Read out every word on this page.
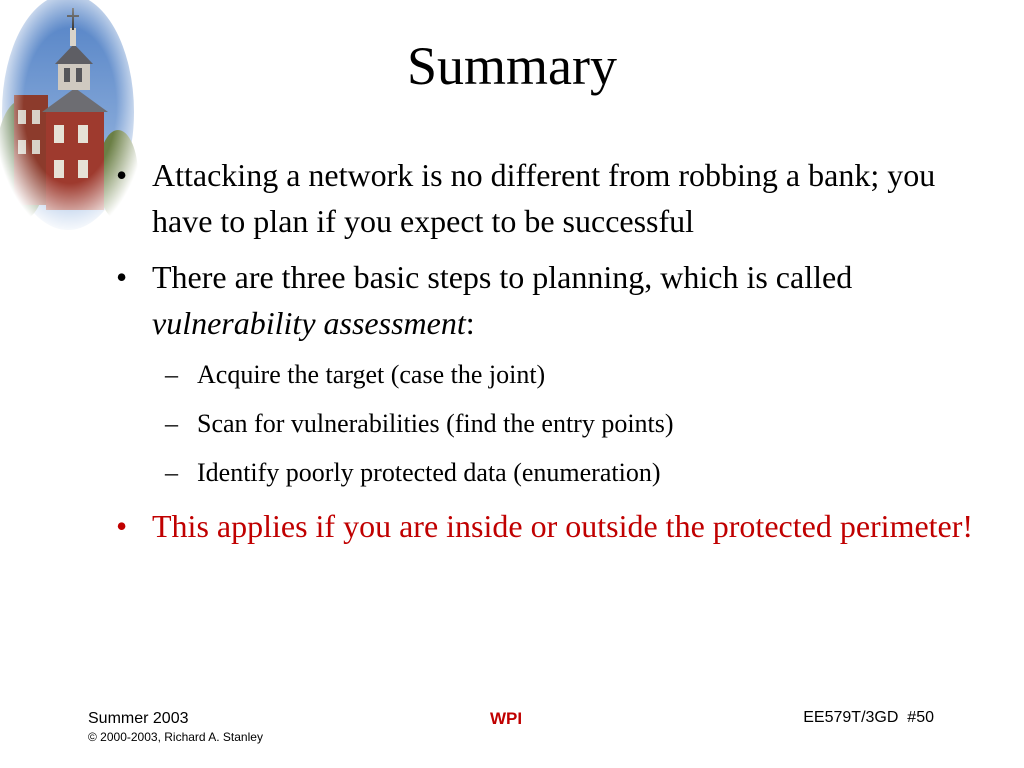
Summary
• Attacking a network is no different from robbing a bank; you have to plan if you expect to be successful
• There are three basic steps to planning, which is called vulnerability assessment:
– Acquire the target (case the joint)
– Scan for vulnerabilities (find the entry points)
– Identify poorly protected data (enumeration)
• This applies if you are inside or outside the protected perimeter!
Summer 2003
© 2000-2003, Richard A. Stanley
WPI	EE579T/3GD  #50
